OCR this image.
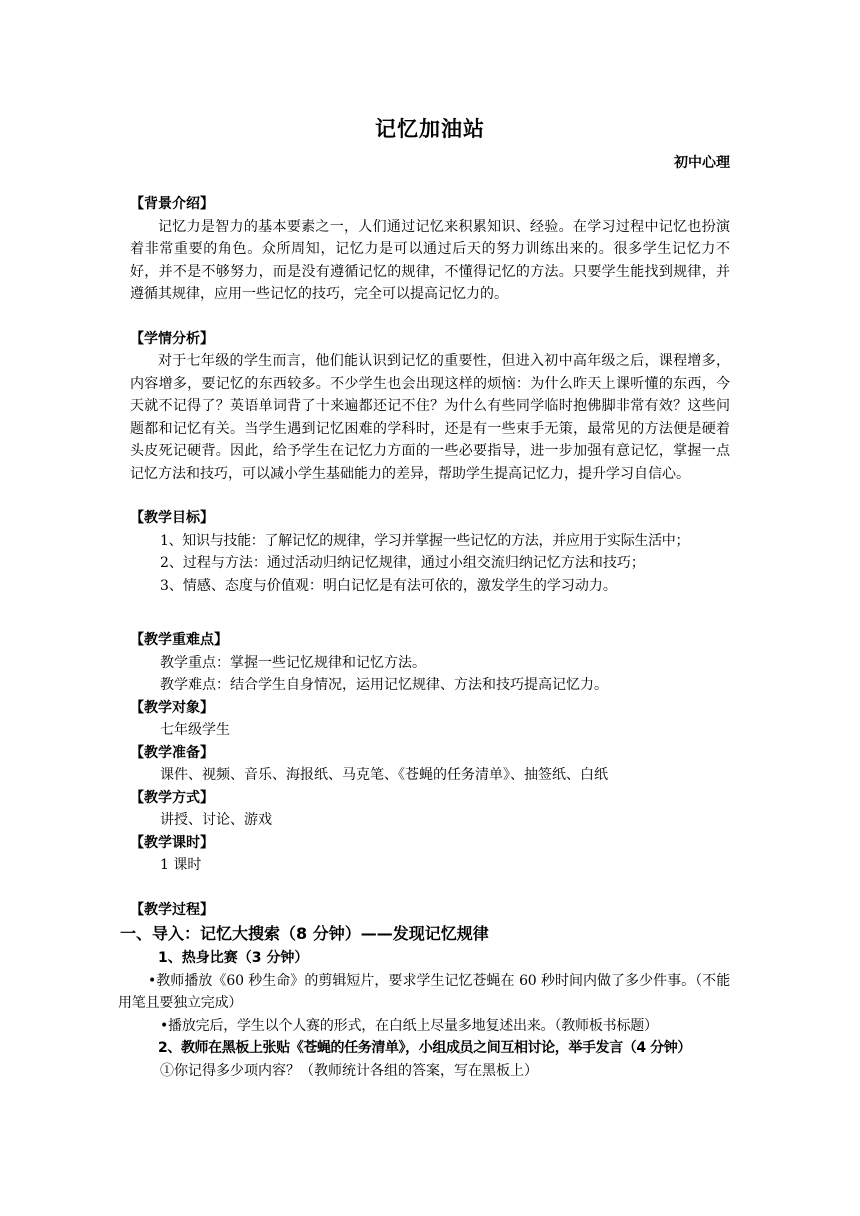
记忆加油站
初中心理

【背景介绍】

记忆力是智力的基本要素之一，人们通过记忆来积累知识、经验。在学习过程中记忆也扮演着非常重要的角色。众所周知，记忆力是可以通过后天的努力训练出来的。很多学生记忆力不好，并不是不够努力，而是没有遵循记忆的规律，不懂得记忆的方法。只要学生能找到规律，并遵循其规律，应用一些记忆的技巧，完全可以提高记忆力的。

【学情分析】

对于七年级的学生而言，他们能认识到记忆的重要性，但进入初中高年级之后，课程增多，内容增多，要记忆的东西较多。不少学生也会出现这样的烦恼：为什么昨天上课听懂的东西，今天就不记得了？英语单词背了十来遍都还记不住？为什么有些同学临时抱佛脚非常有效？这些问题都和记忆有关。当学生遇到记忆困难的学科时，还是有一些束手无策，最常见的方法便是硬着头皮死记硬背。因此，给予学生在记忆力方面的一些必要指导，进一步加强有意记忆，掌握一点记忆方法和技巧，可以减小学生基础能力的差异，帮助学生提高记忆力，提升学习自信心。

【教学目标】

1、知识与技能：了解记忆的规律，学习并掌握一些记忆的方法，并应用于实际生活中；

2、过程与方法：通过活动归纳记忆规律，通过小组交流归纳记忆方法和技巧；

3、情感、态度与价值观：明白记忆是有法可依的，激发学生的学习动力。

【教学重难点】

教学重点：掌握一些记忆规律和记忆方法。

教学难点：结合学生自身情况，运用记忆规律、方法和技巧提高记忆力。

【教学对象】

七年级学生

【教学准备】

课件、视频、音乐、海报纸、马克笔、《苍蝇的任务清单》、抽签纸、白纸

【教学方式】

讲授、讨论、游戏

【教学课时】

1 课时

【教学过程】

一、导入：记忆大搜索（8 分钟）——发现记忆规律

1、热身比赛（3 分钟）

•教师播放《60 秒生命》的剪辑短片，要求学生记忆苍蝇在 60 秒时间内做了多少件事。（不能用笔且要独立完成）

•播放完后，学生以个人赛的形式，在白纸上尽量多地复述出来。（教师板书标题）

2、教师在黑板上张贴《苍蝇的任务清单》，小组成员之间互相讨论，举手发言（4 分钟）

①你记得多少项内容？（教师统计各组的答案，写在黑板上）
